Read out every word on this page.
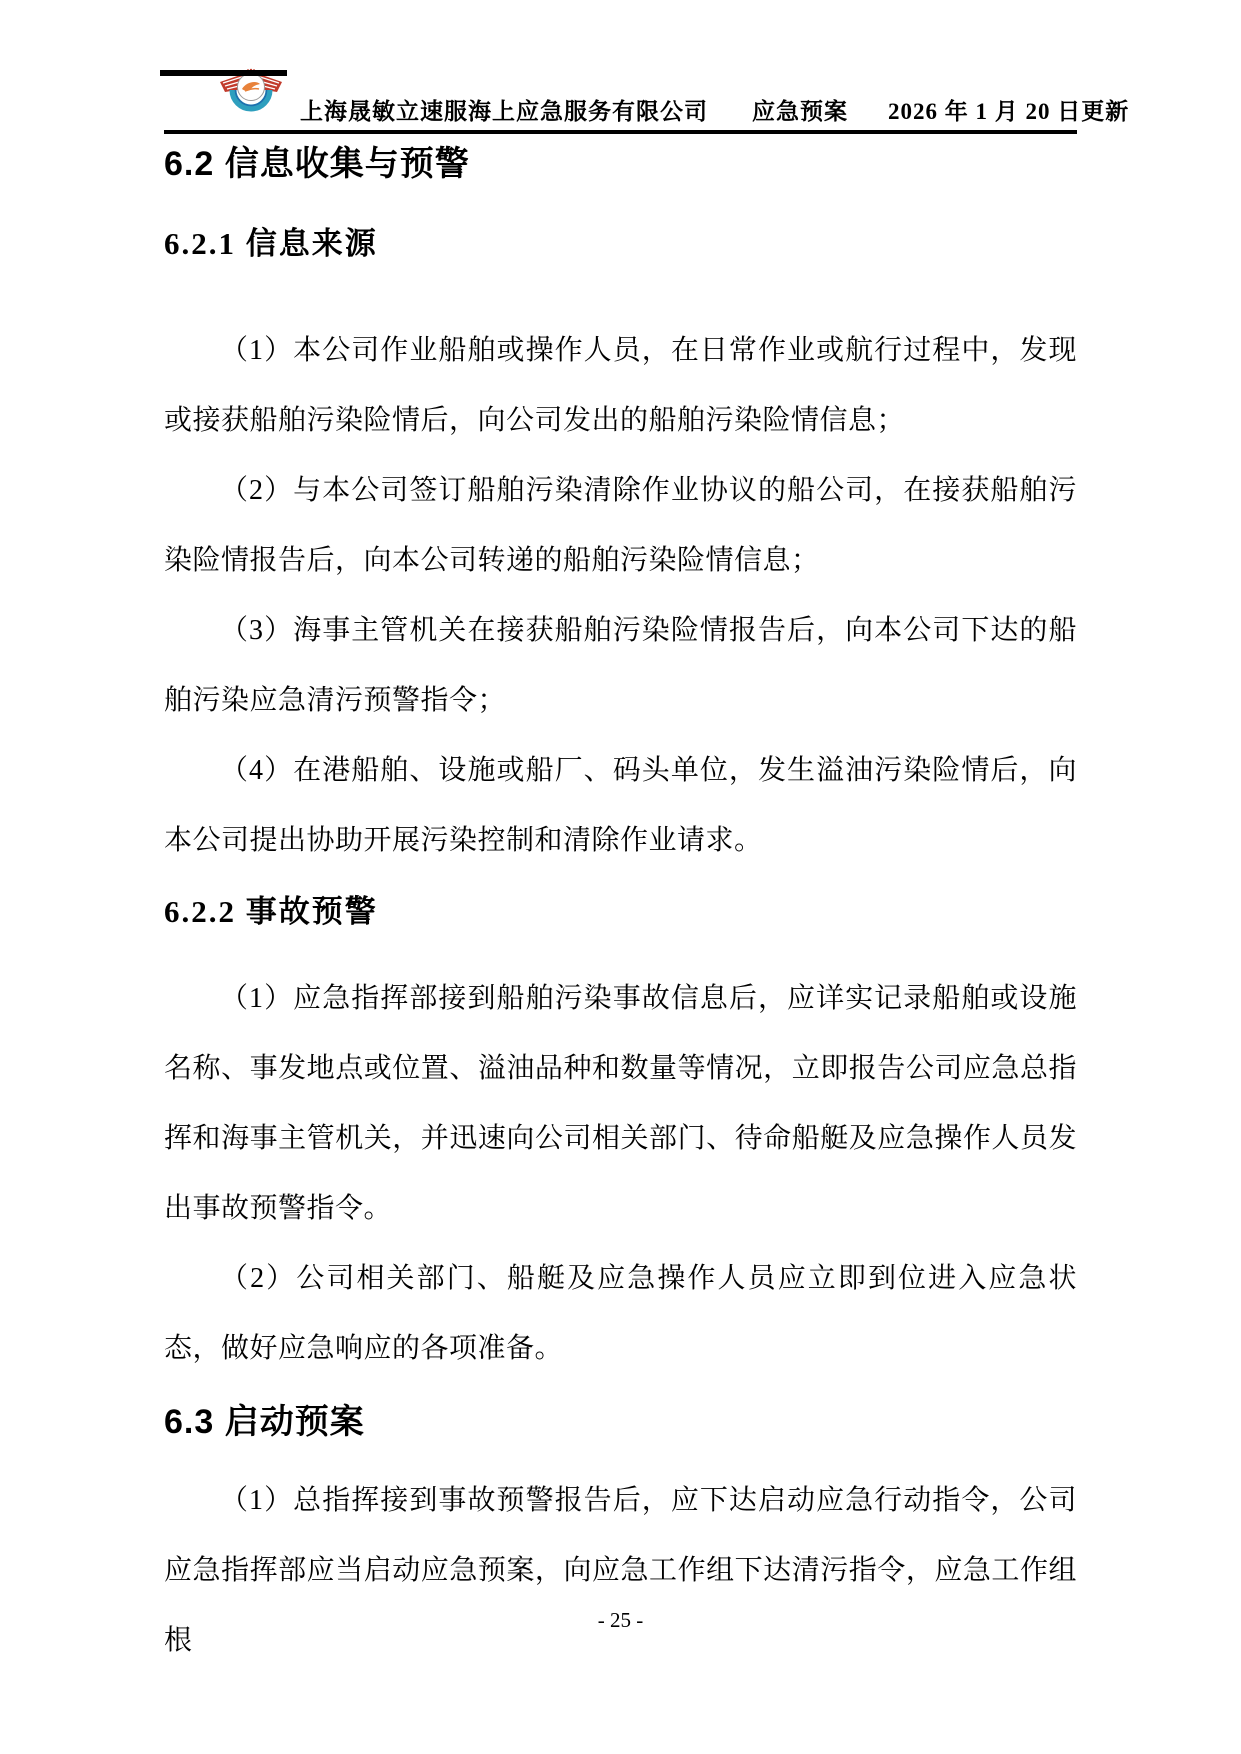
上海晟敏立速服海上应急服务有限公司 应急预案 2026 年 1 月 20 日更新
6.2 信息收集与预警
6.2.1 信息来源

（1）本公司作业船舶或操作人员，在日常作业或航行过程中，发现或接获船舶污染险情后，向公司发出的船舶污染险情信息；

（2）与本公司签订船舶污染清除作业协议的船公司，在接获船舶污染险情报告后，向本公司转递的船舶污染险情信息；

（3）海事主管机关在接获船舶污染险情报告后，向本公司下达的船舶污染应急清污预警指令；

（4）在港船舶、设施或船厂、码头单位，发生溢油污染险情后，向本公司提出协助开展污染控制和清除作业请求。

6.2.2 事故预警

（1）应急指挥部接到船舶污染事故信息后，应详实记录船舶或设施名称、事发地点或位置、溢油品种和数量等情况，立即报告公司应急总指挥和海事主管机关，并迅速向公司相关部门、待命船艇及应急操作人员发出事故预警指令。

（2）公司相关部门、船艇及应急操作人员应立即到位进入应急状态，做好应急响应的各项准备。

6.3 启动预案

（1）总指挥接到事故预警报告后，应下达启动应急行动指令，公司应急指挥部应当启动应急预案，向应急工作组下达清污指令，应急工作组根

- 25 -
